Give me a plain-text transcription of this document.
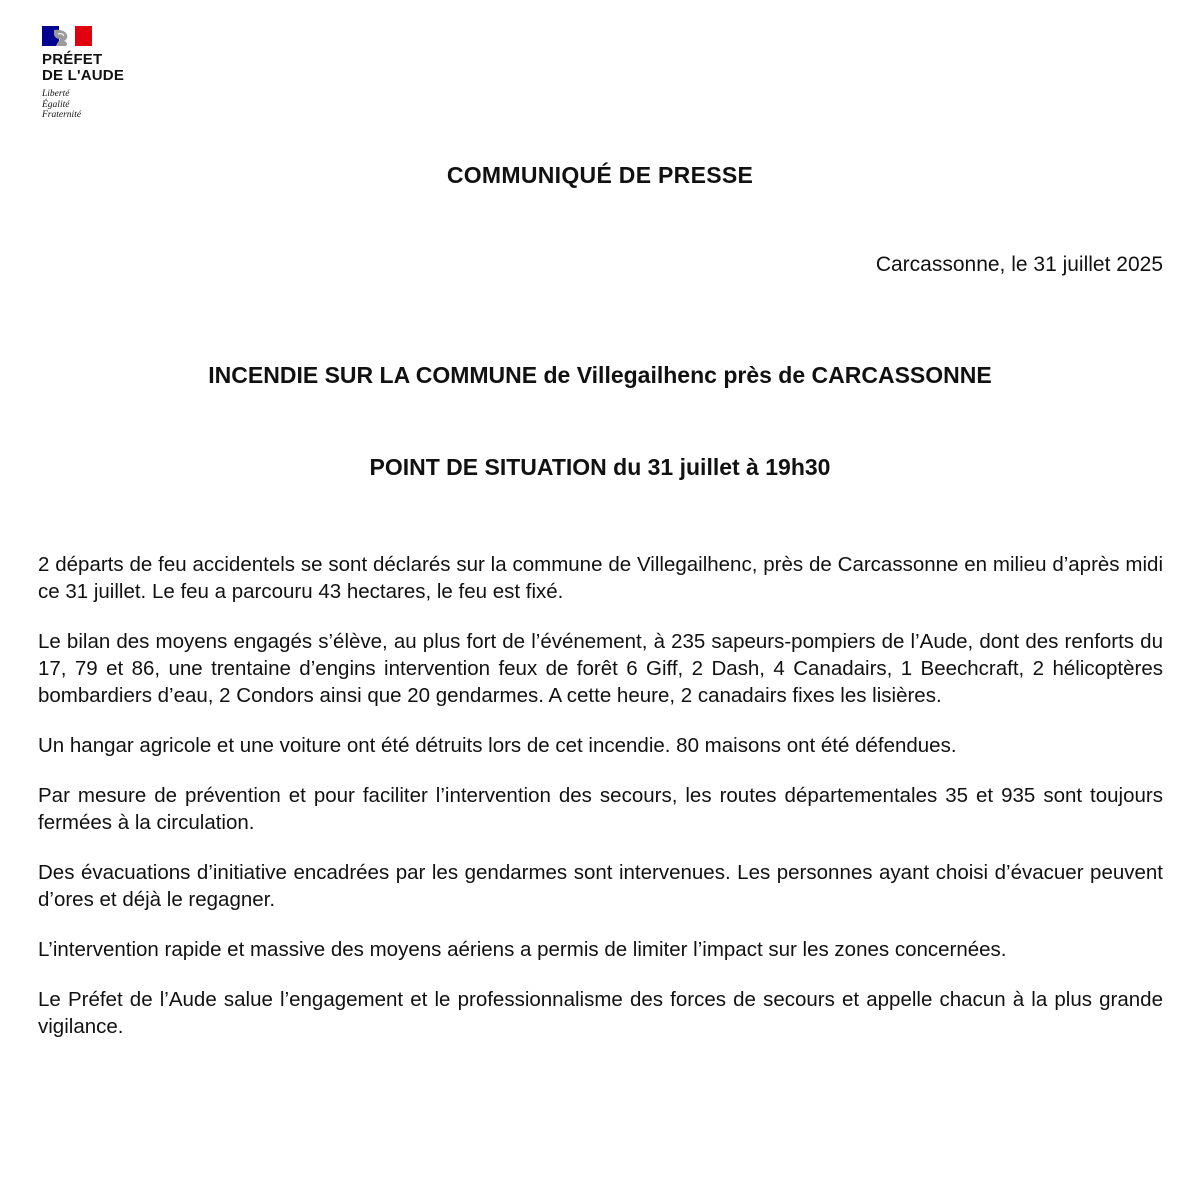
PRÉFET
DE L'AUDE
Liberté
Égalité
Fraternité
COMMUNIQUÉ DE PRESSE
Carcassonne, le 31 juillet 2025
INCENDIE SUR LA COMMUNE de Villegailhenc près de CARCASSONNE
POINT DE SITUATION du 31 juillet à 19h30

2 départs de feu accidentels se sont déclarés sur la commune de Villegailhenc, près de Carcassonne en milieu d’après midi ce 31 juillet. Le feu a parcouru 43 hectares, le feu est fixé.

Le bilan des moyens engagés s’élève, au plus fort de l’événement, à 235 sapeurs-pompiers de l’Aude, dont des renforts du 17, 79 et 86, une trentaine d’engins intervention feux de forêt 6 Giff, 2 Dash, 4 Canadairs, 1 Beechcraft, 2 hélicoptères bombardiers d’eau, 2 Condors ainsi que 20 gendarmes. A cette heure, 2 canadairs fixes les lisières.

Un hangar agricole et une voiture ont été détruits lors de cet incendie. 80 maisons ont été défendues.

Par mesure de prévention et pour faciliter l’intervention des secours, les routes départementales 35 et 935 sont toujours fermées à la circulation.

Des évacuations d’initiative encadrées par les gendarmes sont intervenues. Les personnes ayant choisi d’évacuer peuvent d’ores et déjà le regagner.

L’intervention rapide et massive des moyens aériens a permis de limiter l’impact sur les zones concernées.

Le Préfet de l’Aude salue l’engagement et le professionnalisme des forces de secours et appelle chacun à la plus grande vigilance.
